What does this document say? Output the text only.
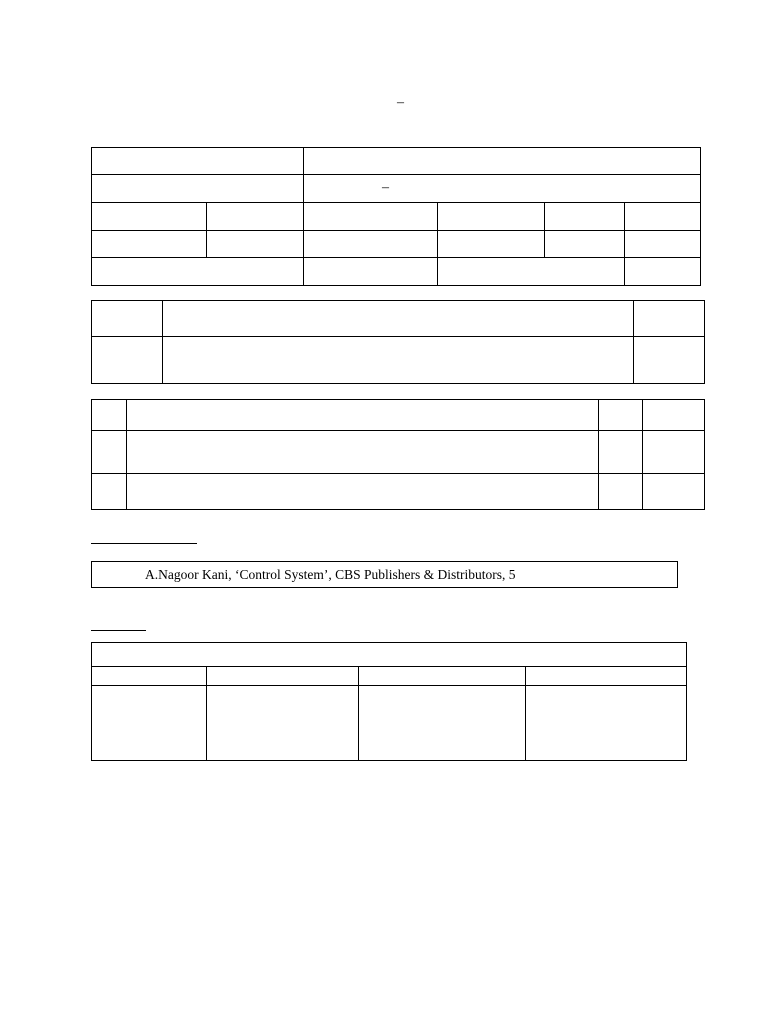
–

		–			

A.Nagoor Kani, ‘Control System’, CBS Publishers & Distributors, 5
